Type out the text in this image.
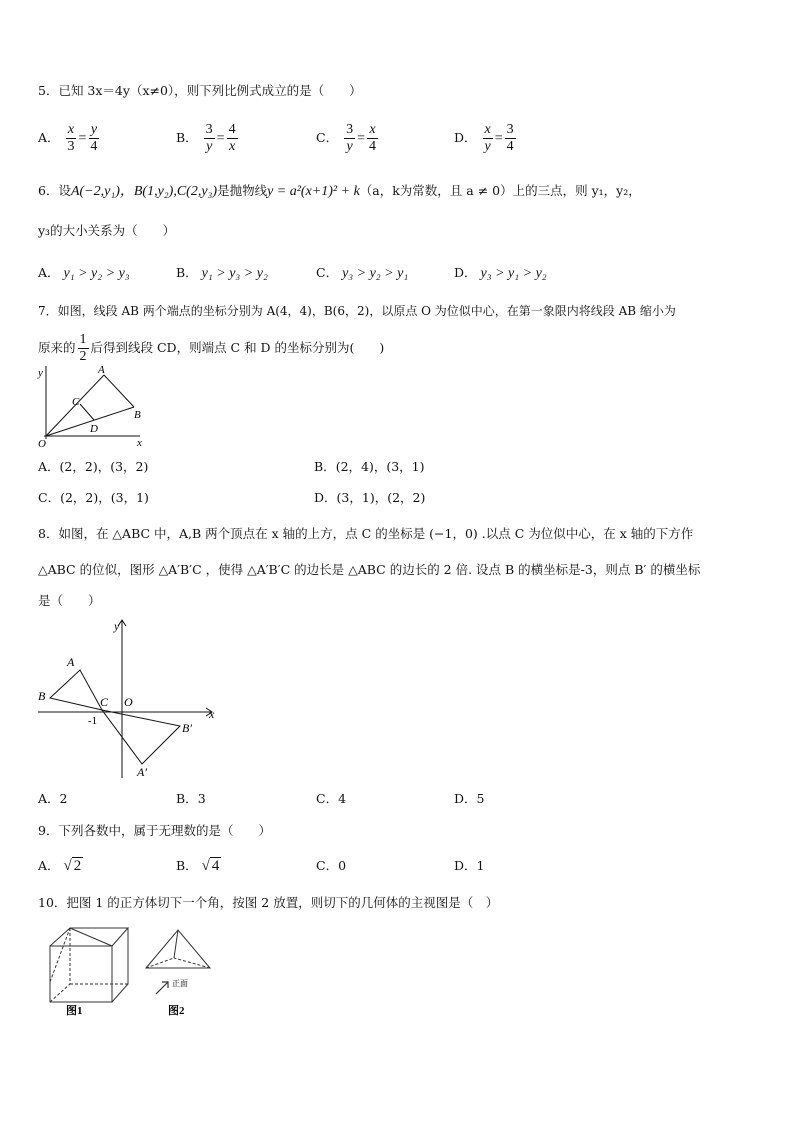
5．已知 3x＝4y（x≠0），则下列比例式成立的是（　　）
A． $\frac{x}{3} = \frac{y}{4}$	B． $\frac{3}{y} = \frac{4}{x}$	C． $\frac{3}{y} = \frac{x}{4}$	D． $\frac{x}{y} = \frac{3}{4}$
6．设A(−2,y₁)，B(1,y₂),C(2,y₃)是抛物线y = a²(x+1)² + k（a，k为常数，且 a ≠ 0）上的三点，则 y₁，y₂，
y₃的大小关系为（　　）
A． y₁ > y₂ > y₃	B． y₁ > y₃ > y₂	C． y₃ > y₂ > y₁	D． y₃ > y₁ > y₂
7．如图，线段 AB 两个端点的坐标分别为 A(4，4)，B(6，2)，以原点 O 为位似中心，在第一象限内将线段 AB 缩小为
原来的 $\frac{1}{2}$ 后得到线段 CD，则端点 C 和 D 的坐标分别为(　　)
y
x
O
A
B
C
D
A．(2，2)，(3，2)	B．(2，4)，(3，1)
C．(2，2)，(3，1)	D．(3，1)，(2，2)
8．如图，在 △ABC 中，A,B 两个顶点在 x 轴的上方，点 C 的坐标是 (−1，0) .以点 C 为位似中心，在 x 轴的下方作
△ABC 的位似，图形 △A′B′C ，使得 △A′B′C 的边长是 △ABC 的边长的 2 倍. 设点 B 的横坐标是-3，则点 B′ 的横坐标
是（　　）
y
x
A
B	C O
-1	B′
A′
A．2	B．3	C．4	D．5
9．下列各数中，属于无理数的是（　　）
A． √ 2	B． √ 4	C．0	D．1
10．把图 1 的正方体切下一个角，按图 2 放置，则切下的几何体的主视图是（　）
图1
正面
图2
